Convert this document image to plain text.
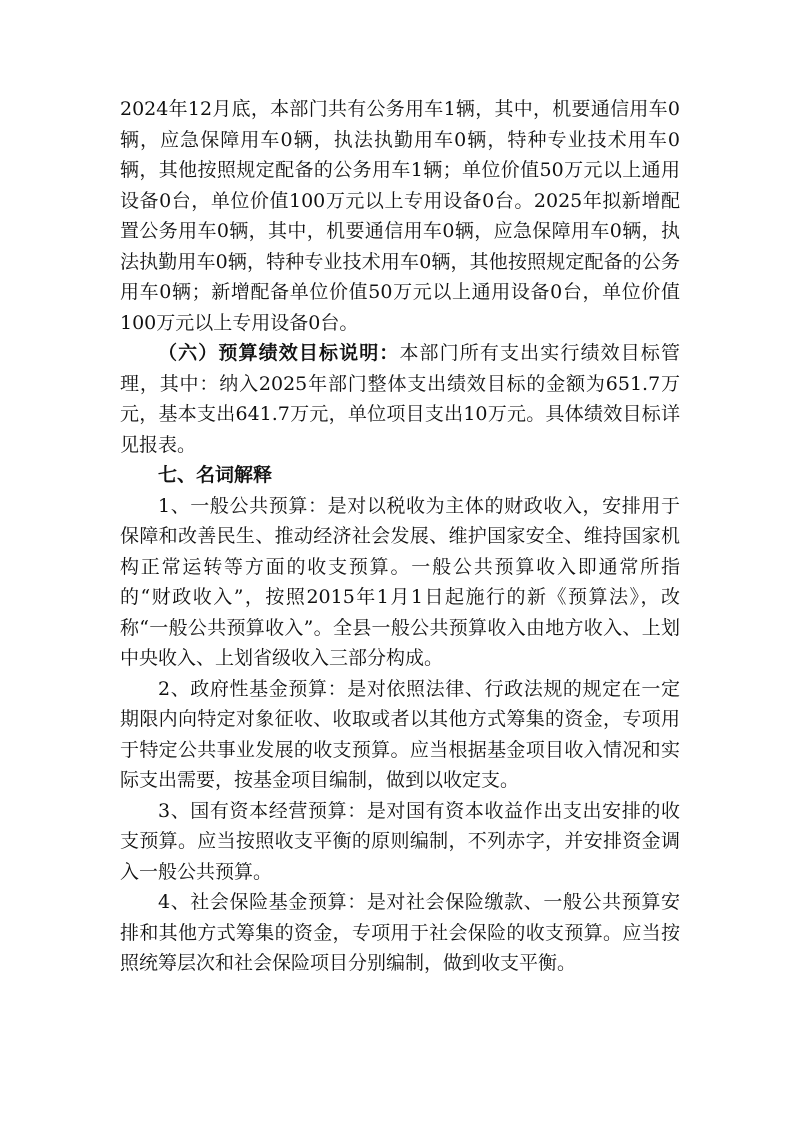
2024年12月底，本部门共有公务用车1辆，其中，机要通信用车0辆，应急保障用车0辆，执法执勤用车0辆，特种专业技术用车0辆，其他按照规定配备的公务用车1辆；单位价值50万元以上通用设备0台，单位价值100万元以上专用设备0台。2025年拟新增配置公务用车0辆，其中，机要通信用车0辆，应急保障用车0辆，执法执勤用车0辆，特种专业技术用车0辆，其他按照规定配备的公务用车0辆；新增配备单位价值50万元以上通用设备0台，单位价值100万元以上专用设备0台。

（六）预算绩效目标说明：本部门所有支出实行绩效目标管理，其中：纳入2025年部门整体支出绩效目标的金额为651.7万元，基本支出641.7万元，单位项目支出10万元。具体绩效目标详见报表。

七、名词解释

1、一般公共预算：是对以税收为主体的财政收入，安排用于保障和改善民生、推动经济社会发展、维护国家安全、维持国家机构正常运转等方面的收支预算。一般公共预算收入即通常所指的“财政收入”，按照2015年1月1日起施行的新《预算法》，改称“一般公共预算收入”。全县一般公共预算收入由地方收入、上划中央收入、上划省级收入三部分构成。

2、政府性基金预算：是对依照法律、行政法规的规定在一定期限内向特定对象征收、收取或者以其他方式筹集的资金，专项用于特定公共事业发展的收支预算。应当根据基金项目收入情况和实际支出需要，按基金项目编制，做到以收定支。

3、国有资本经营预算：是对国有资本收益作出支出安排的收支预算。应当按照收支平衡的原则编制，不列赤字，并安排资金调入一般公共预算。

4、社会保险基金预算：是对社会保险缴款、一般公共预算安排和其他方式筹集的资金，专项用于社会保险的收支预算。应当按照统筹层次和社会保险项目分别编制，做到收支平衡。
